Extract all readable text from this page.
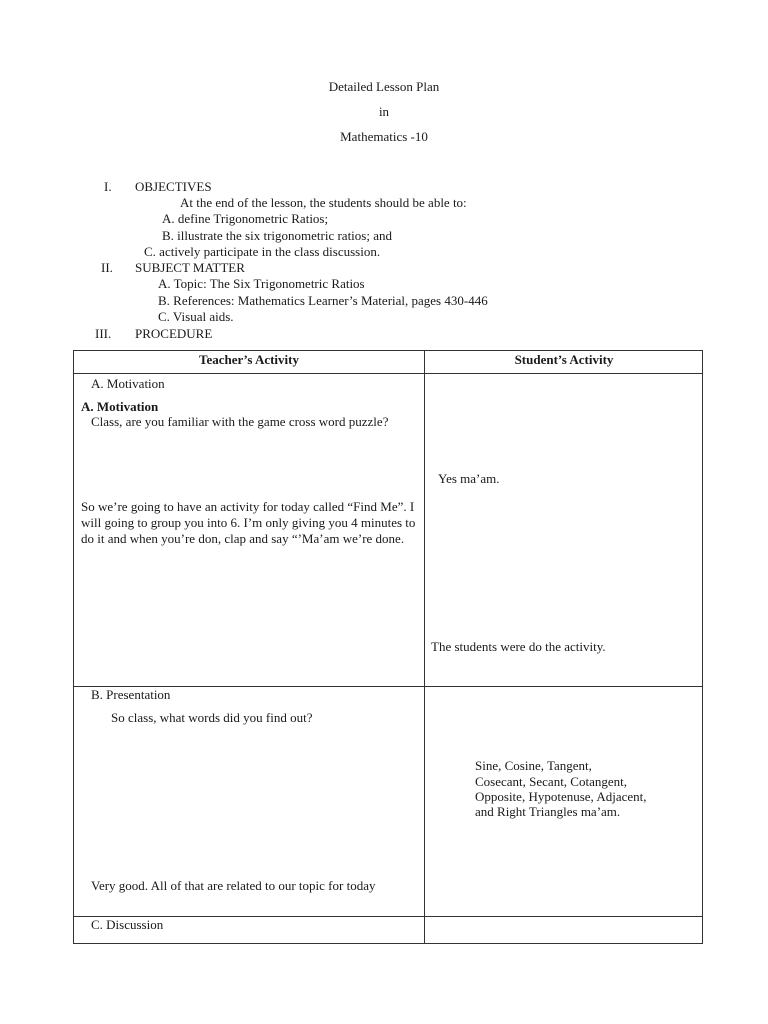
Detailed Lesson Plan
in
Mathematics -10
I. OBJECTIVES
At the end of the lesson, the students should be able to:
A. define Trigonometric Ratios;
B. illustrate the six trigonometric ratios; and
C. actively participate in the class discussion.
II. SUBJECT MATTER
A. Topic: The Six Trigonometric Ratios
B. References: Mathematics Learner’s Material, pages 430-446
C. Visual aids.
III. PROCEDURE
Teacher’s Activity	Student’s Activity
A. Motivation
A. Motivation
Class, are you familiar with the game cross word puzzle?
So we’re going to have an activity for today called “Find Me”. I will going to group you into 6. I’m only giving you 4 minutes to do it and when you’re don, clap and say “’Ma’am we’re done.
Yes ma’am.
The students were do the activity.
B. Presentation
So class, what words did you find out?
Sine, Cosine, Tangent,
Cosecant, Secant, Cotangent,
Opposite, Hypotenuse, Adjacent,
and Right Triangles ma’am.
Very good. All of that are related to our topic for today
C. Discussion
